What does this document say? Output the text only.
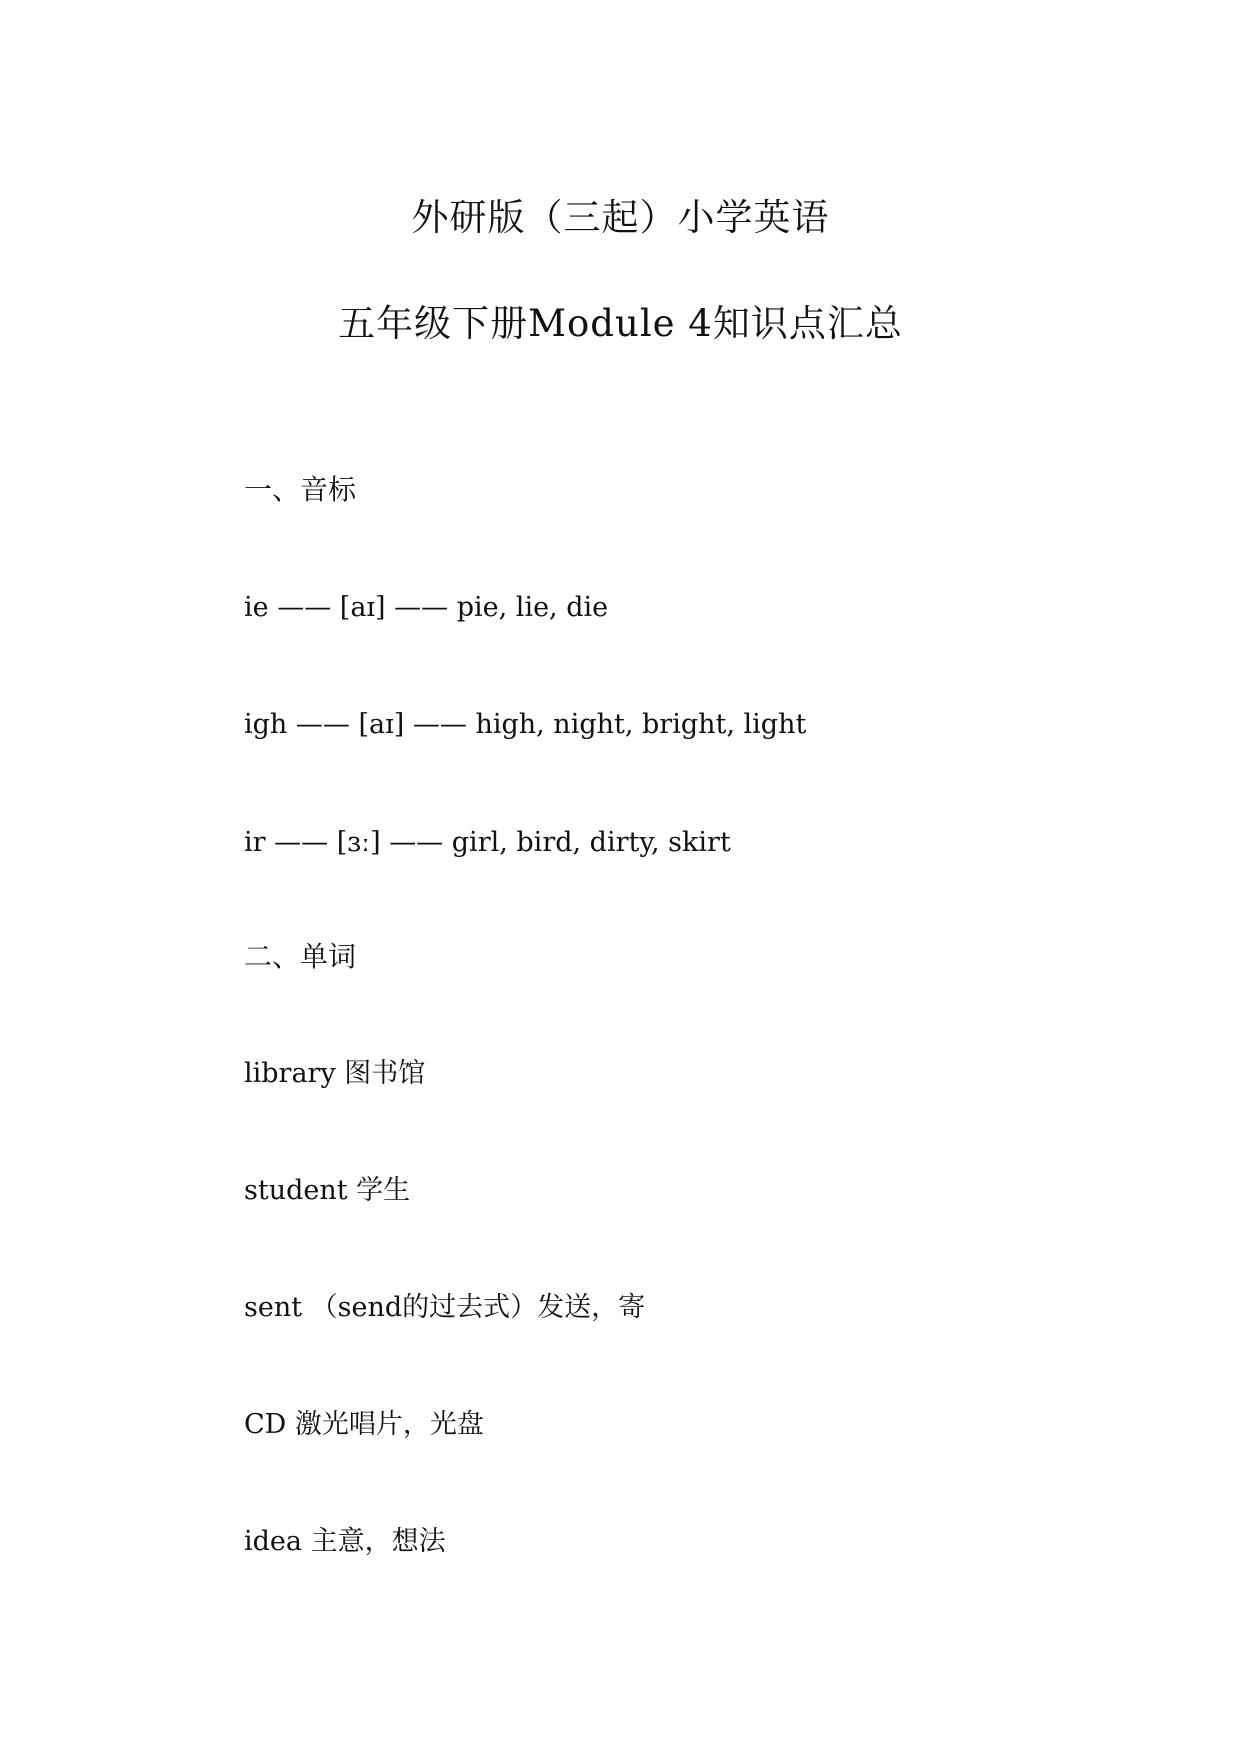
外研版（三起）小学英语
五年级下册Module 4知识点汇总
一、音标
ie —— [aɪ] —— pie, lie, die
igh —— [aɪ] —— high, night, bright, light
ir —— [ɜː] —— girl, bird, dirty, skirt
二、单词
library 图书馆
student 学生
sent （send的过去式）发送，寄
CD 激光唱片，光盘
idea 主意，想法
